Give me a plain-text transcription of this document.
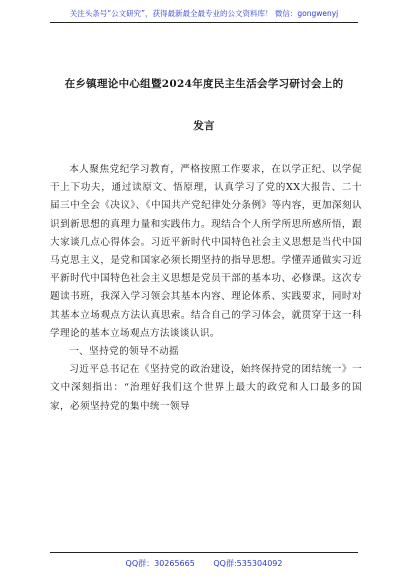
关注头条号“公文研究”，获得最新最全最专业的公文资料库！ 微信：gongwenyj
在乡镇理论中心组暨2024年度民主生活会学习研讨会上的
发言

本人聚焦党纪学习教育，严格按照工作要求，在以学正纪、以学促干上下功夫，通过读原文、悟原理，认真学习了党的XX大报告、二十届三中全会《决议》、《中国共产党纪律处分条例》等内容，更加深刻认识到新思想的真理力量和实践伟力。现结合个人所学所思所感所悟，跟大家谈几点心得体会。习近平新时代中国特色社会主义思想是当代中国马克思主义，是党和国家必须长期坚持的指导思想。学懂弄通做实习近平新时代中国特色社会主义思想是党员干部的基本功、必修课。这次专题读书班，我深入学习领会其基本内容、理论体系、实践要求，同时对其基本立场观点方法认真思索。结合自己的学习体会，就贯穿于这一科学理论的基本立场观点方法谈谈认识。

一、坚持党的领导不动摇

习近平总书记在《坚持党的政治建设，始终保持党的团结统一》一文中深刻指出：“治理好我们这个世界上最大的政党和人口最多的国家，必须坚持党的集中统一领导

QQ群：30265665 QQ群:535304092
